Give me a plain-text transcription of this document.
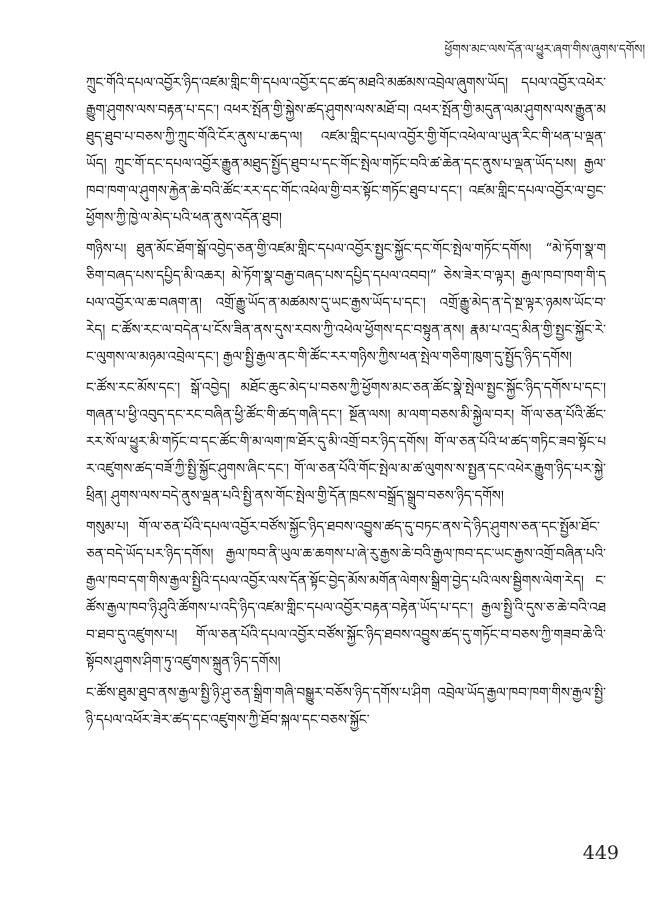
ཕྱོགས་མང་ལས་དོན་ལ་ཕྱུར་ཞག་གིས་ཞུགས་དགོས།

ཀྲུང་གོའི་དཔལ་འབྱོར་ཉིད་འཛམ་གླིང་གི་དཔལ་འབྱོར་དང་ཚད་མཐའི་མཚམས་འབྲེལ་ཞུགས་ཡོད། དཔལ་འབྱོར་འཕེར་རྒྱུག་ཤུགས་ལས་བརྟན་པ་དང་། འཕར་སྤོན་གྱི་སྐྱེས་ཚད་ཤུགས་ལས་མཐོ་བ། འཕར་སྤོན་གྱི་མདུན་ལམ་ཤུགས་ལས་རྒྱུན་མཐུད་ཐུབ་པ་བཅས་ཀྱི་ཀྲུང་གོའི་ངོར་ནུས་པ་ཆད་ལ། འཛམ་གླིང་དཔལ་འབྱོར་གྱི་གོང་འཕེལ་ལ་ཡུན་རིང་གི་ཕན་པ་ལྡན་ཡོད། ཀྲུང་གོ་དང་དཔལ་འབྱོར་རྒྱུན་མཐུད་སྤྱོད་ཐུབ་པ་དང་གོང་སྤེལ་གཏོང་བའི་ཚ་ཆེན་དང་ནུས་པ་ལྡན་ཡོད་པས། རྒྱལ་ཁབ་ཁག་ལ་ཤུགས་རྐྱེན་ཆེ་བའི་ཚོང་རར་དང་གོང་འཕེལ་གྱི་བར་སྟོང་གཏོང་ཐུབ་པ་དང་། འཛམ་གླིང་དཔལ་འབྱོར་ལ་བྱང་ཕྱོགས་ཀྱི་ཁྱེ་ལ་མེད་པའི་ཕན་ནུས་འདོན་ཐུབ།

གཉིས་པ། ཐུན་མོང་ཐོག་སྒོ་འབྱེད་ཅན་གྱི་འཛམ་གླིང་དཔལ་འབྱོར་སྤྱང་སྐྱོང་དང་གོང་སྤེལ་གཏོང་དགོས། “མེ་ཏོག་སྣ་གཅིག་བཞད་པས་དཔྱིད་མི་འཆར། མེ་ཏོག་སྣ་བརྒྱ་བཞད་པས་དཔྱིད་དཔལ་འབབ།” ཅེས་ཟེར་བ་ལྟར། རྒྱལ་ཁབ་ཁག་གི་དཔལ་འབྱོར་ལ་ཆ་བཞག་ན། འགྲོ་རྒྱུ་ཡོད་ན་མཚམས་དུ་ཡང་རྒྱས་ཡོད་པ་དང་། འགྲོ་རྒྱུ་མེད་ན་དེ་སྔ་ལྟར་ཉམས་ཡོང་བ་རེད། ང་ཚོས་རང་ལ་བདེན་པ་ངོས་ཟིན་ནས་དུས་རབས་ཀྱི་འཕེལ་ཕྱོགས་དང་བསྟུན་ནས། རྣམ་པ་འདྲ་མིན་གྱི་སྤྱང་སྐྱོང་རེ་ང་ལུགས་ལ་མཉམ་འབྲེལ་དང་། རྒྱལ་སྤྱི་རྒྱལ་ནང་གི་ཚོང་རར་གཉིས་ཀྱིས་ཕན་སྤེལ་གཅིག་ཁུག་དུ་སྤྱོད་ཉིད་དགོས།

ང་ཚོས་རང་མོས་དང་། སྒོ་འབྱེད། མཐོང་ཆུང་མེད་པ་བཅས་ཀྱི་ཕྱོགས་མང་ཅན་ཚོང་སྣེ་སྤེལ་སྤྱང་སྐྱོང་ཉིད་དགོས་པ་དང་། གཞན་པ་ཕྱི་འབུད་དང་རང་བཞིན་ཕྱི་ཚོང་གི་ཚད་གཞི་དང་། སྔོན་ལས། མ་ལག་བཅས་མི་སྐྱེལ་བར། གོ་ལ་ཅན་པོའི་ཚོང་རར་སོ་ལ་ཕྱུར་མི་གཏོང་བ་དང་ཚོང་གི་མ་ལག་ཁ་ཐོར་དུ་མི་འགྲོ་བར་ཉིད་དགོས། གོ་ལ་ཅན་པོའི་ཕ་ཚད་གཏིང་ཟབ་སྟོང་པར་འཛུགས་ཚད་བཟོ་ཀྱི་སྤྱི་སྐྱོང་ཤུགས་ཞིང་དང་། གོ་ལ་ཅན་པོའི་གོང་སྤེལ་མ་ཚ་ལུགས་ས་སྤྱན་དང་འཕེར་རྒྱུག་ཉིད་པར་སྐྱེ་ཕྲིན། ཤུགས་ལས་བདེ་ནུས་ལྡན་པའི་སྤྱི་ནས་གོང་སྤེལ་གྱི་དོན་ཁྲངས་བསྒྲོད་སྒྲུབ་བཅས་ཉིད་དགོས།

གསུམ་པ། གོ་ལ་ཅན་པོའི་དཔལ་འབྱོར་བཙོས་སྐྱོང་ཉིད་ཐབས་འབྱུས་ཚད་དུ་བཏང་ནས་དེ་ཉིད་ཤུགས་ཅན་དང་སྤྱོམ་ཐོང་ཅན་བདེ་ཡོད་པར་ཉིད་དགོས། རྒྱལ་ཁབ་ནི་ཡུལ་ཆ་ཆགས་པ་ཞེ་རུ་རྒྱས་ཆེ་བའི་རྒྱལ་ཁབ་དང་ཡང་རྒྱས་འགྲོ་བཞིན་པའི་རྒྱལ་ཁབ་དག་གིས་རྒྱལ་སྤྱིའི་དཔལ་འབྱོར་ལས་དོན་སྟོང་བྱེད་མོས་མགོན་ལེགས་སྒྲིག་བྱེད་པའི་ལས་སྦྱིགས་ལེག་རེད། ང་ཚོས་རྒྱལ་ཁབ་ཉི་ཤུའི་ཚོགས་པ་འདི་ཉིད་འཛམ་གླིང་དཔལ་འབྱོར་བརྟན་བརྟེན་ཡོད་པ་དང་། རྒྱལ་སྤྱི་འི་དུས་ཅ་ཆེ་བའི་འཐབ་ཐབ་དུ་འཛུགས་པ། གོ་ལ་ཅན་པོའི་དཔལ་འབྱོར་བཙོས་སྐྱོང་ཉིད་ཐབས་འབྱུས་ཚད་དུ་གཏོང་བ་བཅས་ཀྱི་གཟབ་ཆེ་འི་སྟོབས་ཤུགས་ཤིག་ཏུ་འཛུགས་སྐྲུན་ཉིད་དགོས།

ང་ཚོས་ཐུམ་ཐུབ་ནས་རྒྱལ་སྤྱི་ཉི་ཤུ་ཅན་སྒྲིག་གཞི་བསྒྱུར་བཅོས་ཉིད་དགོས་པ་ཤིག འབྲེལ་ཡོད་རྒྱལ་ཁབ་ཁག་གིས་རྒྱལ་སྤྱི་ཉི་དཔལ་འཕོར་ཟེར་ཚད་དང་འཛུགས་ཀྱི་ཐོབ་སྐལ་དང་བཅས་སྐྱོང་

449
